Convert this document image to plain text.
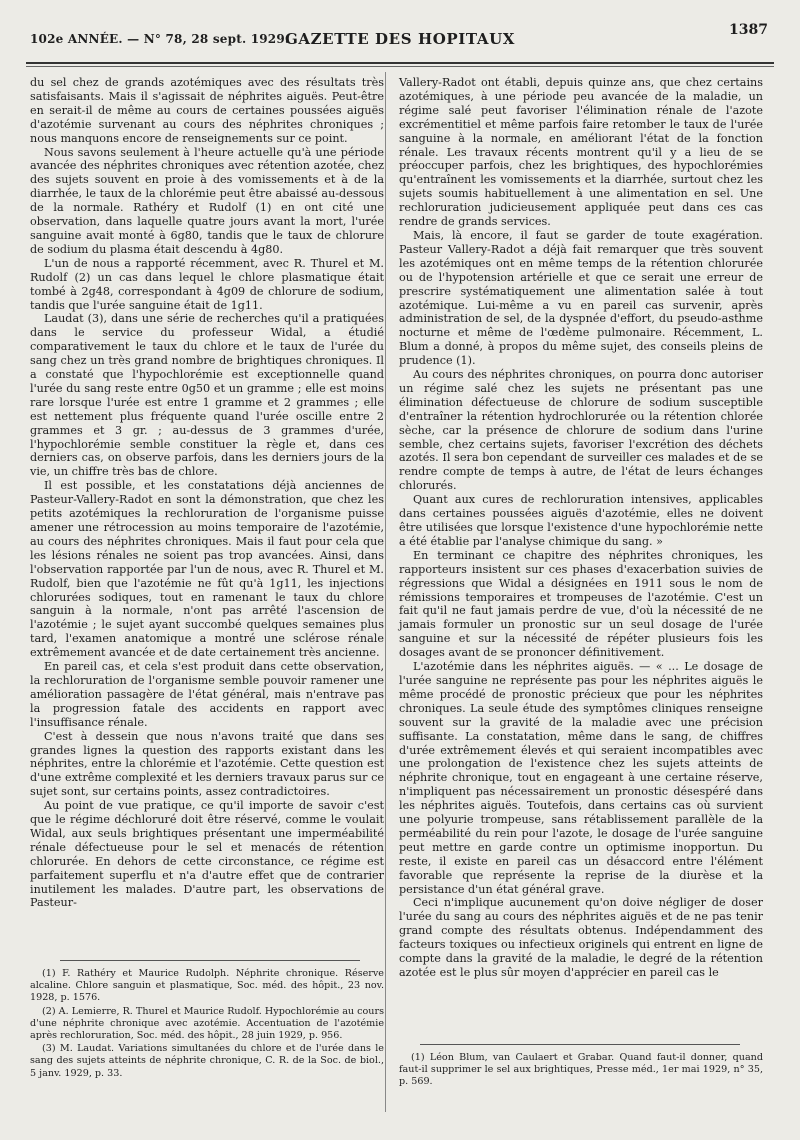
102e ANNÉE. — N° 78, 28 sept. 1929.
GAZETTE DES HOPITAUX	1387

du sel chez de grands azotémiques avec des résultats très satisfaisants. Mais il s'agissait de néphrites aiguës. Peut-être en serait-il de même au cours de certaines poussées aiguës d'azotémie survenant au cours des néphrites chroniques ; nous manquons encore de renseignements sur ce point.

Nous savons seulement à l'heure actuelle qu'à une période avancée des néphrites chroniques avec rétention azotée, chez des sujets souvent en proie à des vomissements et à de la diarrhée, le taux de la chlorémie peut être abaissé au-dessous de la normale. Rathéry et Rudolf (1) en ont cité une observation, dans laquelle quatre jours avant la mort, l'urée sanguine avait monté à 6g80, tandis que le taux de chlorure de sodium du plasma était descendu à 4g80.

L'un de nous a rapporté récemment, avec R. Thurel et M. Rudolf (2) un cas dans lequel le chlore plasmatique était tombé à 2g48, correspondant à 4g09 de chlorure de sodium, tandis que l'urée sanguine était de 1g11.

Laudat (3), dans une série de recherches qu'il a pratiquées dans le service du professeur Widal, a étudié comparativement le taux du chlore et le taux de l'urée du sang chez un très grand nombre de brightiques chroniques. Il a constaté que l'hypochlorémie est exceptionnelle quand l'urée du sang reste entre 0g50 et un gramme ; elle est moins rare lorsque l'urée est entre 1 gramme et 2 grammes ; elle est nettement plus fréquente quand l'urée oscille entre 2 grammes et 3 gr. ; au-dessus de 3 grammes d'urée, l'hypochlorémie semble constituer la règle et, dans ces derniers cas, on observe parfois, dans les derniers jours de la vie, un chiffre très bas de chlore.

Il est possible, et les constatations déjà anciennes de Pasteur-Vallery-Radot en sont la démonstration, que chez les petits azotémiques la rechloruration de l'organisme puisse amener une rétrocession au moins temporaire de l'azotémie, au cours des néphrites chroniques. Mais il faut pour cela que les lésions rénales ne soient pas trop avancées. Ainsi, dans l'observation rapportée par l'un de nous, avec R. Thurel et M. Rudolf, bien que l'azotémie ne fût qu'à 1g11, les injections chlorurées sodiques, tout en ramenant le taux du chlore sanguin à la normale, n'ont pas arrêté l'ascension de l'azotémie ; le sujet ayant succombé quelques semaines plus tard, l'examen anatomique a montré une sclérose rénale extrêmement avancée et de date certainement très ancienne.

En pareil cas, et cela s'est produit dans cette observation, la rechloruration de l'organisme semble pouvoir ramener une amélioration passagère de l'état général, mais n'entrave pas la progression fatale des accidents en rapport avec l'insuffisance rénale.

C'est à dessein que nous n'avons traité que dans ses grandes lignes la question des rapports existant dans les néphrites, entre la chlorémie et l'azotémie. Cette question est d'une extrême complexité et les derniers travaux parus sur ce sujet sont, sur certains points, assez contradictoires.

Au point de vue pratique, ce qu'il importe de savoir c'est que le régime déchloruré doit être réservé, comme le voulait Widal, aux seuls brightiques présentant une imperméabilité rénale défectueuse pour le sel et menacés de rétention chlorurée. En dehors de cette circonstance, ce régime est parfaitement superflu et n'a d'autre effet que de contrarier inutilement les malades. D'autre part, les observations de Pasteur-

(1) F. Rathéry et Maurice Rudolph. Néphrite chronique. Réserve alcaline. Chlore sanguin et plasmatique, Soc. méd. des hôpit., 23 nov. 1928, p. 1576.

(2) A. Lemierre, R. Thurel et Maurice Rudolf. Hypochlorémie au cours d'une néphrite chronique avec azotémie. Accentuation de l'azotémie après rechloruration, Soc. méd. des hôpit., 28 juin 1929, p. 956.

(3) M. Laudat. Variations simultanées du chlore et de l'urée dans le sang des sujets atteints de néphrite chronique, C. R. de la Soc. de biol., 5 janv. 1929, p. 33.

Vallery-Radot ont établi, depuis quinze ans, que chez certains azotémiques, à une période peu avancée de la maladie, un régime salé peut favoriser l'élimination rénale de l'azote excrémentitiel et même parfois faire retomber le taux de l'urée sanguine à la normale, en améliorant l'état de la fonction rénale. Les travaux récents montrent qu'il y a lieu de se préoccuper parfois, chez les brightiques, des hypochlorémies qu'entraînent les vomissements et la diarrhée, surtout chez les sujets soumis habituellement à une alimentation en sel. Une rechloruration judicieusement appliquée peut dans ces cas rendre de grands services.

Mais, là encore, il faut se garder de toute exagération. Pasteur Vallery-Radot a déjà fait remarquer que très souvent les azotémiques ont en même temps de la rétention chlorurée ou de l'hypotension artérielle et que ce serait une erreur de prescrire systématiquement une alimentation salée à tout azotémique. Lui-même a vu en pareil cas survenir, après administration de sel, de la dyspnée d'effort, du pseudo-asthme nocturne et même de l'œdème pulmonaire. Récemment, L. Blum a donné, à propos du même sujet, des conseils pleins de prudence (1).

Au cours des néphrites chroniques, on pourra donc autoriser un régime salé chez les sujets ne présentant pas une élimination défectueuse de chlorure de sodium susceptible d'entraîner la rétention hydrochlorurée ou la rétention chlorée sèche, car la présence de chlorure de sodium dans l'urine semble, chez certains sujets, favoriser l'excrétion des déchets azotés. Il sera bon cependant de surveiller ces malades et de se rendre compte de temps à autre, de l'état de leurs échanges chlorurés.

Quant aux cures de rechloruration intensives, applicables dans certaines poussées aiguës d'azotémie, elles ne doivent être utilisées que lorsque l'existence d'une hypochlorémie nette a été établie par l'analyse chimique du sang. »

En terminant ce chapitre des néphrites chroniques, les rapporteurs insistent sur ces phases d'exacerbation suivies de régressions que Widal a désignées en 1911 sous le nom de rémissions temporaires et trompeuses de l'azotémie. C'est un fait qu'il ne faut jamais perdre de vue, d'où la nécessité de ne jamais formuler un pronostic sur un seul dosage de l'urée sanguine et sur la nécessité de répéter plusieurs fois les dosages avant de se prononcer définitivement.

L'azotémie dans les néphrites aiguës. — « ... Le dosage de l'urée sanguine ne représente pas pour les néphrites aiguës le même procédé de pronostic précieux que pour les néphrites chroniques. La seule étude des symptômes cliniques renseigne souvent sur la gravité de la maladie avec une précision suffisante. La constatation, même dans le sang, de chiffres d'urée extrêmement élevés et qui seraient incompatibles avec une prolongation de l'existence chez les sujets atteints de néphrite chronique, tout en engageant à une certaine réserve, n'impliquent pas nécessairement un pronostic désespéré dans les néphrites aiguës. Toutefois, dans certains cas où survient une polyurie trompeuse, sans rétablissement parallèle de la perméabilité du rein pour l'azote, le dosage de l'urée sanguine peut mettre en garde contre un optimisme inopportun. Du reste, il existe en pareil cas un désaccord entre l'élément favorable que représente la reprise de la diurèse et la persistance d'un état général grave.

Ceci n'implique aucunement qu'on doive négliger de doser l'urée du sang au cours des néphrites aiguës et de ne pas tenir grand compte des résultats obtenus. Indépendamment des facteurs toxiques ou infectieux originels qui entrent en ligne de compte dans la gravité de la maladie, le degré de la rétention azotée est le plus sûr moyen d'apprécier en pareil cas le

(1) Léon Blum, van Caulaert et Grabar. Quand faut-il donner, quand faut-il supprimer le sel aux brightiques, Presse méd., 1er mai 1929, n° 35, p. 569.
